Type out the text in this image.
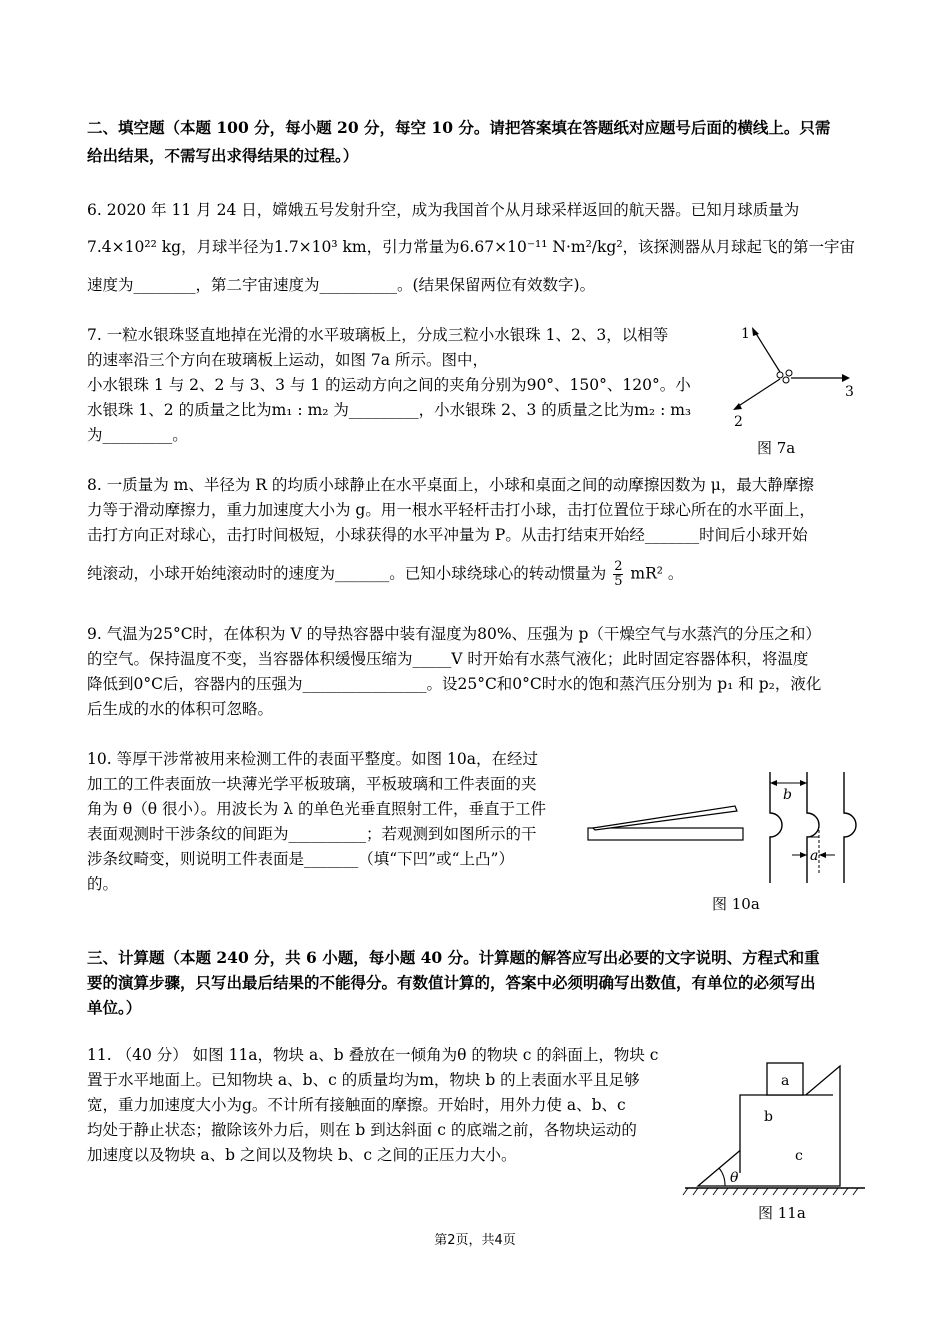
二、填空题（本题 100 分，每小题 20 分，每空 10 分。请把答案填在答题纸对应题号后面的横线上。只需
给出结果，不需写出求得结果的过程。）
6. 2020 年 11 月 24 日，嫦娥五号发射升空，成为我国首个从月球采样返回的航天器。已知月球质量为
7.4×10²² kg，月球半径为1.7×10³ km，引力常量为6.67×10⁻¹¹ N·m²/kg²，该探测器从月球起飞的第一宇宙
速度为________，第二宇宙速度为__________。(结果保留两位有效数字)。
7. 一粒水银珠竖直地掉在光滑的水平玻璃板上，分成三粒小水银珠 1、2、3，以相等
的速率沿三个方向在玻璃板上运动，如图 7a 所示。图中，
小水银珠 1 与 2、2 与 3、3 与 1 的运动方向之间的夹角分别为90°、150°、120°。小
水银珠 1、2 的质量之比为m₁ : m₂ 为_________，小水银珠 2、3 的质量之比为m₂ : m₃
为_________。
1
2
3
图 7a
8. 一质量为 m、半径为 R 的均质小球静止在水平桌面上，小球和桌面之间的动摩擦因数为 μ，最大静摩擦
力等于滑动摩擦力，重力加速度大小为 g。用一根水平轻杆击打小球，击打位置位于球心所在的水平面上，
击打方向正对球心，击打时间极短，小球获得的水平冲量为 P。从击打结束开始经_______时间后小球开始
纯滚动，小球开始纯滚动时的速度为_______。已知小球绕球心的转动惯量为 $\frac{2}{5} mR^2$ 。
9. 气温为25°C时，在体积为 V 的导热容器中装有湿度为80%、压强为 p（干燥空气与水蒸汽的分压之和）
的空气。保持温度不变，当容器体积缓慢压缩为_____V 时开始有水蒸气液化；此时固定容器体积，将温度
降低到0°C后，容器内的压强为________________。设25°C和0°C时水的饱和蒸汽压分别为 p₁ 和 p₂，液化
后生成的水的体积可忽略。
10. 等厚干涉常被用来检测工件的表面平整度。如图 10a，在经过
加工的工件表面放一块薄光学平板玻璃，平板玻璃和工件表面的夹
角为 θ（θ 很小）。用波长为 λ 的单色光垂直照射工件，垂直于工件
表面观测时干涉条纹的间距为__________；若观测到如图所示的干
涉条纹畸变，则说明工件表面是_______（填“下凹”或“上凸”）
的。
b
a
图 10a
三、计算题（本题 240 分，共 6 小题，每小题 40 分。计算题的解答应写出必要的文字说明、方程式和重
要的演算步骤，只写出最后结果的不能得分。有数值计算的，答案中必须明确写出数值，有单位的必须写出
单位。）
11. （40 分） 如图 11a，物块 a、b 叠放在一倾角为θ 的物块 c 的斜面上，物块 c
置于水平地面上。已知物块 a、b、c 的质量均为m，物块 b 的上表面水平且足够
宽，重力加速度大小为g。不计所有接触面的摩擦。开始时，用外力使 a、b、c
均处于静止状态；撤除该外力后，则在 b 到达斜面 c 的底端之前，各物块运动的
加速度以及物块 a、b 之间以及物块 b、c 之间的正压力大小。
a
b
c
θ
图 11a
第2页，共4页
